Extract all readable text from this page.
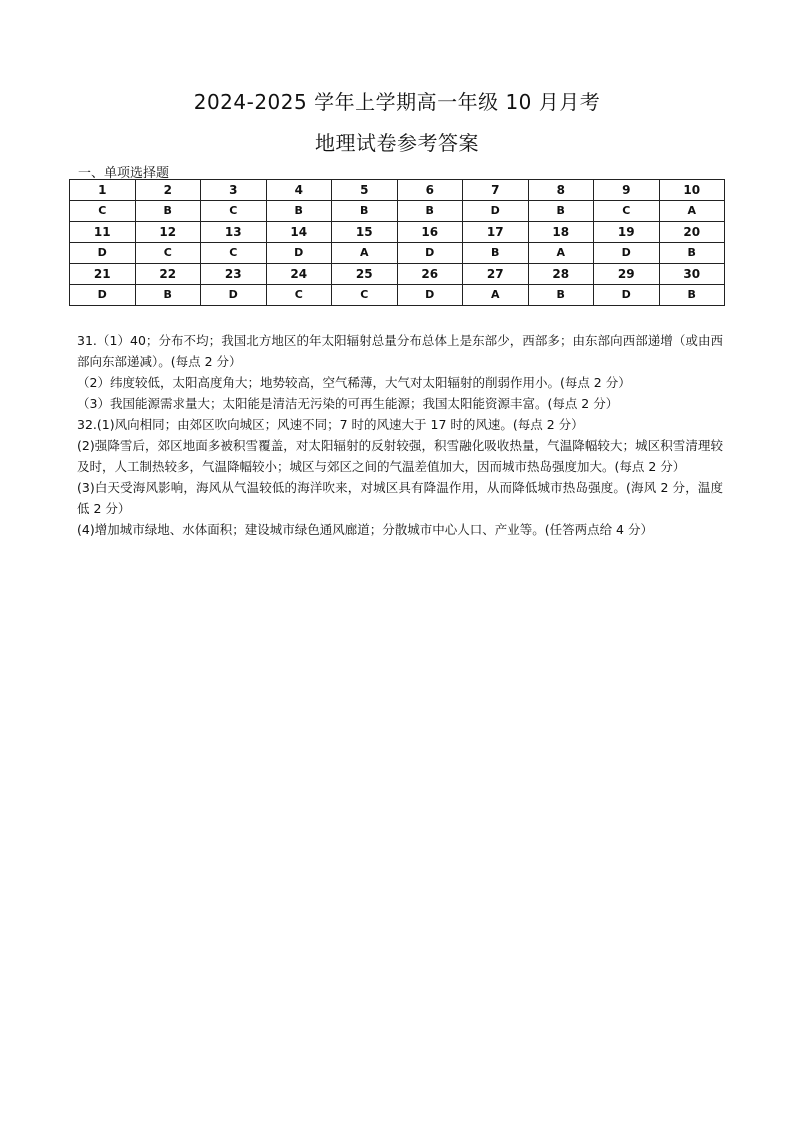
2024-2025 学年上学期高一年级 10 月月考
地理试卷参考答案
一、单项选择题
1	2	3	4	5	6	7	8	9	10
C	B	C	B	B	B	D	B	C	A
11	12	13	14	15	16	17	18	19	20
D	C	C	D	A	D	B	A	D	B
21	22	23	24	25	26	27	28	29	30
D	B	D	C	C	D	A	B	D	B

31.（1）40；分布不均；我国北方地区的年太阳辐射总量分布总体上是东部少，西部多；由东部向西部递增（或由西部向东部递减）。(每点 2 分）

（2）纬度较低，太阳高度角大；地势较高，空气稀薄，大气对太阳辐射的削弱作用小。(每点 2 分）

（3）我国能源需求量大；太阳能是清洁无污染的可再生能源；我国太阳能资源丰富。(每点 2 分）

32.(1)风向相同；由郊区吹向城区；风速不同；7 时的风速大于 17 时的风速。(每点 2 分）

(2)强降雪后，郊区地面多被积雪覆盖，对太阳辐射的反射较强，积雪融化吸收热量，气温降幅较大；城区积雪清理较及时，人工制热较多，气温降幅较小；城区与郊区之间的气温差值加大，因而城市热岛强度加大。(每点 2 分）

(3)白天受海风影响，海风从气温较低的海洋吹来，对城区具有降温作用，从而降低城市热岛强度。(海风 2 分，温度低 2 分）

(4)增加城市绿地、水体面积；建设城市绿色通风廊道；分散城市中心人口、产业等。(任答两点给 4 分）
